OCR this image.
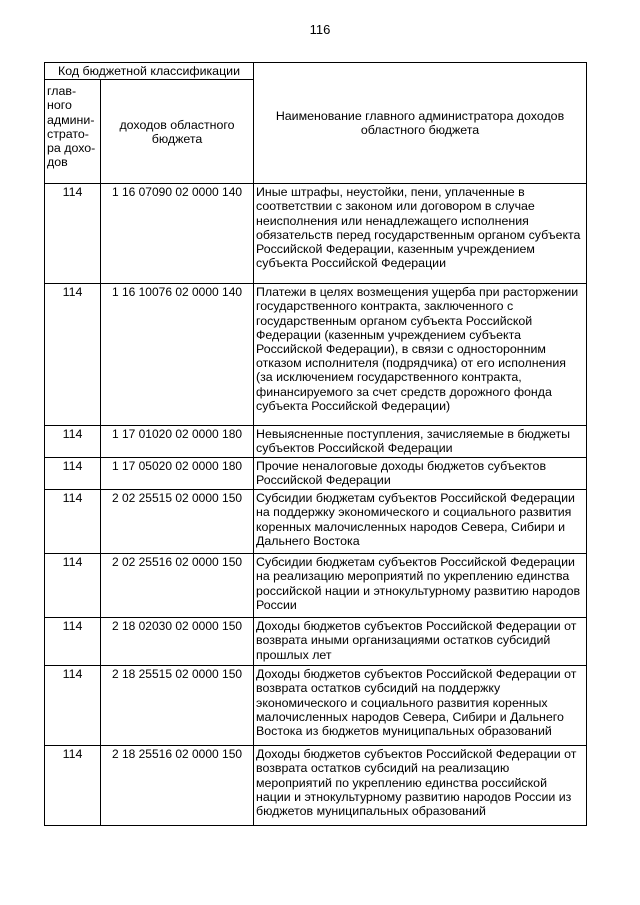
116
Код бюджетной классификации		Наименование главного администратора доходов областного бюджета
глав-ного админи-страто-ра дохо-дов	доходов областного бюджета	
114	1 16 07090 02 0000 140	Иные штрафы, неустойки, пени, уплаченные в соответствии с законом или договором в случае неисполнения или ненадлежащего исполнения обязательств перед государственным органом субъекта Российской Федерации, казенным учреждением субъекта Российской Федерации
114	1 16 10076 02 0000 140	Платежи в целях возмещения ущерба при расторжении государственного контракта, заключенного с государственным органом субъекта Российской Федерации (казенным учреждением субъекта Российской Федерации), в связи с односторонним отказом исполнителя (подрядчика) от его исполнения (за исключением государственного контракта, финансируемого за счет средств дорожного фонда субъекта Российской Федерации)
114	1 17 01020 02 0000 180	Невыясненные поступления, зачисляемые в бюджеты субъектов Российской Федерации
114	1 17 05020 02 0000 180	Прочие неналоговые доходы бюджетов субъектов Российской Федерации
114	2 02 25515 02 0000 150	Субсидии бюджетам субъектов Российской Федерации на поддержку экономического и социального развития коренных малочисленных народов Севера, Сибири и Дальнего Востока
114	2 02 25516 02 0000 150	Субсидии бюджетам субъектов Российской Федерации на реализацию мероприятий по укреплению единства российской нации и этнокультурному развитию народов России
114	2 18 02030 02 0000 150	Доходы бюджетов субъектов Российской Федерации от возврата иными организациями остатков субсидий прошлых лет
114	2 18 25515 02 0000 150	Доходы бюджетов субъектов Российской Федерации от возврата остатков субсидий на поддержку экономического и социального развития коренных малочисленных народов Севера, Сибири и Дальнего Востока из бюджетов муниципальных образований
114	2 18 25516 02 0000 150	Доходы бюджетов субъектов Российской Федерации от возврата остатков субсидий на реализацию мероприятий по укреплению единства российской нации и этнокультурному развитию народов России из бюджетов муниципальных образований
